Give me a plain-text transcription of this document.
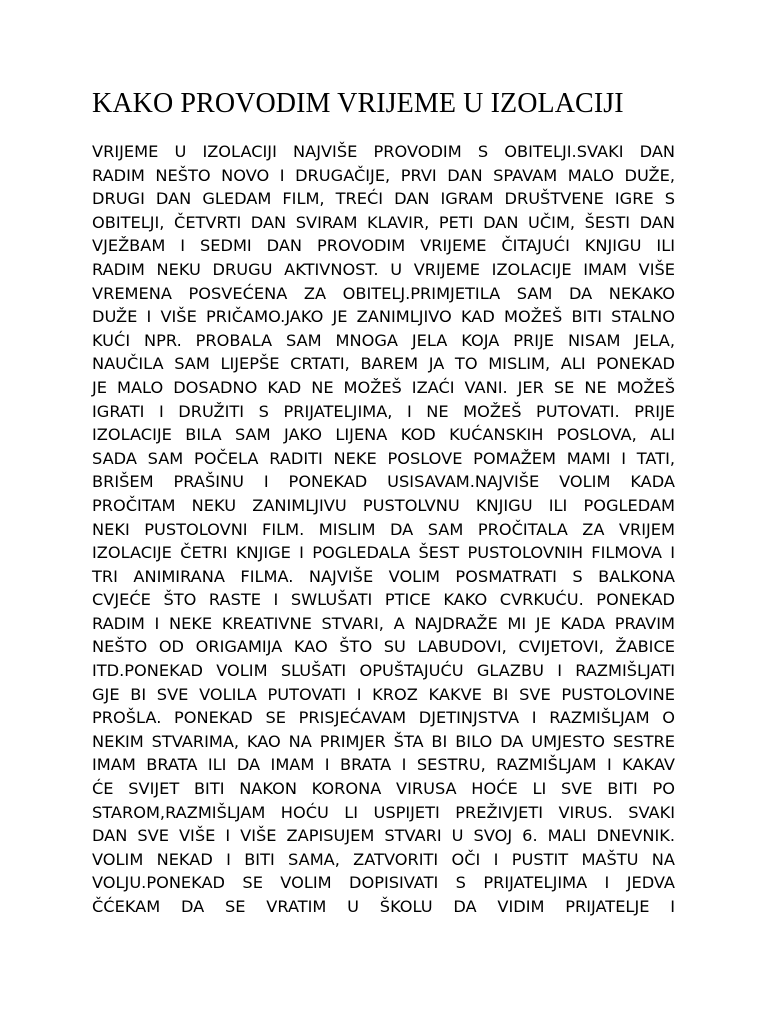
KAKO PROVODIM VRIJEME U IZOLACIJI
VRIJEME U IZOLACIJI NAJVIŠE PROVODIM S OBITELJI.SVAKI DAN
RADIM NEŠTO NOVO I DRUGAČIJE, PRVI DAN SPAVAM MALO DUŽE,
DRUGI DAN GLEDAM FILM, TREĆI DAN IGRAM DRUŠTVENE IGRE S
OBITELJI, ČETVRTI DAN SVIRAM KLAVIR, PETI DAN UČIM, ŠESTI DAN
VJEŽBAM I SEDMI DAN PROVODIM VRIJEME ČITAJUĆI KNJIGU ILI
RADIM NEKU DRUGU AKTIVNOST. U VRIJEME IZOLACIJE IMAM VIŠE
VREMENA POSVEĆENA ZA OBITELJ.PRIMJETILA SAM DA NEKAKO
DUŽE I VIŠE PRIČAMO.JAKO JE ZANIMLJIVO KAD MOŽEŠ BITI STALNO
KUĆI NPR. PROBALA SAM MNOGA JELA KOJA PRIJE NISAM JELA,
NAUČILA SAM LIJEPŠE CRTATI, BAREM JA TO MISLIM, ALI PONEKAD
JE MALO DOSADNO KAD NE MOŽEŠ IZAĆI VANI. JER SE NE MOŽEŠ
IGRATI I DRUŽITI S PRIJATELJIMA, I NE MOŽEŠ PUTOVATI. PRIJE
IZOLACIJE BILA SAM JAKO LIJENA KOD KUĆANSKIH POSLOVA, ALI
SADA SAM POČELA RADITI NEKE POSLOVE POMAŽEM MAMI I TATI,
BRIŠEM PRAŠINU I PONEKAD USISAVAM.NAJVIŠE VOLIM KADA
PROČITAM NEKU ZANIMLJIVU PUSTOLVNU KNJIGU ILI POGLEDAM
NEKI PUSTOLOVNI FILM. MISLIM DA SAM PROČITALA ZA VRIJEM
IZOLACIJE ČETRI KNJIGE I POGLEDALA ŠEST PUSTOLOVNIH FILMOVA I
TRI ANIMIRANA FILMA. NAJVIŠE VOLIM POSMATRATI S BALKONA
CVJEĆE ŠTO RASTE I SWLUŠATI PTICE KAKO CVRKUĆU. PONEKAD
RADIM I NEKE KREATIVNE STVARI, A NAJDRAŽE MI JE KADA PRAVIM
NEŠTO OD ORIGAMIJA KAO ŠTO SU LABUDOVI, CVIJETOVI, ŽABICE
ITD.PONEKAD VOLIM SLUŠATI OPUŠTAJUĆU GLAZBU I RAZMIŠLJATI
GJE BI SVE VOLILA PUTOVATI I KROZ KAKVE BI SVE PUSTOLOVINE
PROŠLA. PONEKAD SE PRISJEĆAVAM DJETINJSTVA I RAZMIŠLJAM O
NEKIM STVARIMA, KAO NA PRIMJER ŠTA BI BILO DA UMJESTO SESTRE
IMAM BRATA ILI DA IMAM I BRATA I SESTRU, RAZMIŠLJAM I KAKAV
ĆE SVIJET BITI NAKON KORONA VIRUSA HOĆE LI SVE BITI PO
STAROM,RAZMIŠLJAM HOĆU LI USPIJETI PREŽIVJETI VIRUS. SVAKI
DAN SVE VIŠE I VIŠE ZAPISUJEM STVARI U SVOJ 6. MALI DNEVNIK.
VOLIM NEKAD I BITI SAMA, ZATVORITI OČI I PUSTIT MAŠTU NA
VOLJU.PONEKAD SE VOLIM DOPISIVATI S PRIJATELJIMA I JEDVA
ČĆEKAM DA SE VRATIM U ŠKOLU DA VIDIM PRIJATELJE I
